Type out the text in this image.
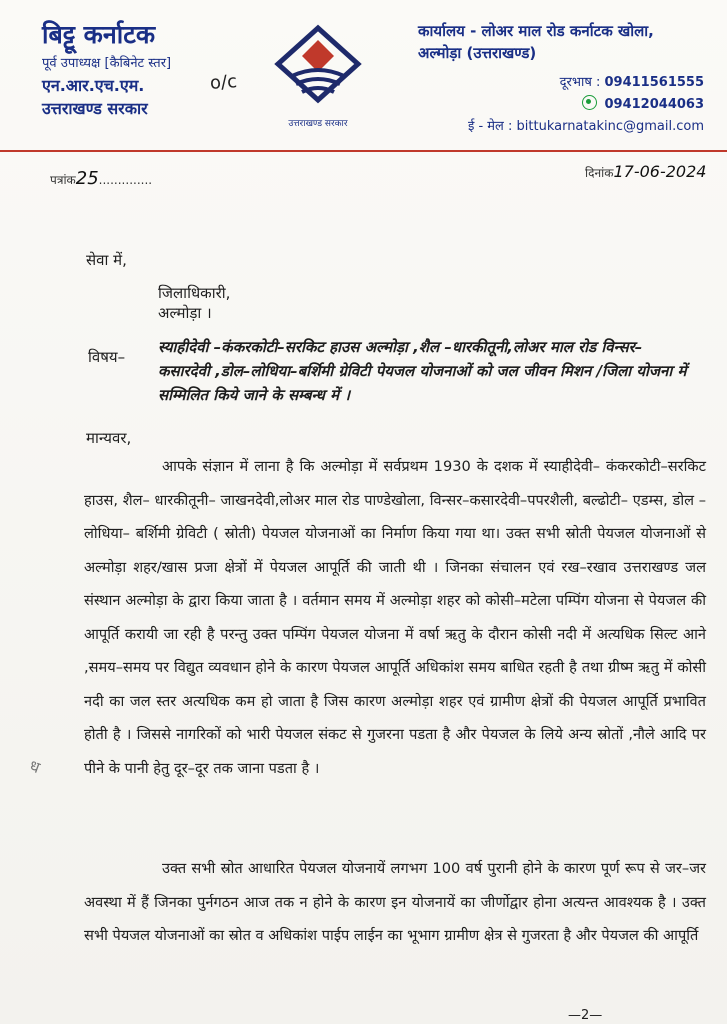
बिट्टू कर्नाटक
पूर्व उपाध्यक्ष [कैबिनेट स्तर]
एन.आर.एच.एम.
उत्तराखण्ड सरकार
o/c
उत्तराखण्ड सरकार
कार्यालय - लोअर माल रोड कर्नाटक खोला,
अल्मोड़ा (उत्तराखण्ड)
दूरभाष : 09411561555
09412044063
ई - मेल : bittukarnatakinc@gmail.com
पत्रांक25..............	दिनांक17-06-2024
सेवा में,
जिलाधिकारी,
अल्मोड़ा ।
विषय–
स्याहीदेवी –कंकरकोटी–सरकिट हाउस अल्मोड़ा ,शैल –धारकीतूनी,लोअर माल रोड विन्सर– कसारदेवी ,डोल–लोधिया–बर्शिमी ग्रेविटी पेयजल योजनाओं को जल जीवन मिशन /जिला योजना में सम्मिलित किये जाने के सम्बन्ध में ।
मान्यवर,
आपके संज्ञान में लाना है कि अल्मोड़ा में सर्वप्रथम 1930 के दशक में स्याहीदेवी– कंकरकोटी–सरकिट हाउस, शैल– धारकीतूनी– जाखनदेवी,लोअर माल रोड पाण्डेखोला, विन्सर–कसारदेवी–पपरशैली, बल्ढोटी– एडम्स, डोल –लोधिया– बर्शिमी ग्रेविटी ( स्रोती) पेयजल योजनाओं का निर्माण किया गया था। उक्त सभी स्रोती पेयजल योजनाओं से अल्मोड़ा शहर/खास प्रजा क्षेत्रों में पेयजल आपूर्ति की जाती थी । जिनका संचालन एवं रख–रखाव उत्तराखण्ड जल संस्थान अल्मोड़ा के द्वारा किया जाता है । वर्तमान समय में अल्मोड़ा शहर को कोसी–मटेला पम्पिंग योजना से पेयजल की आपूर्ति करायी जा रही है परन्तु उक्त पम्पिंग पेयजल योजना में वर्षा ऋतु के दौरान कोसी नदी में अत्यधिक सिल्ट आने ,समय–समय पर विद्युत व्यवधान होने के कारण पेयजल आपूर्ति अधिकांश समय बाधित रहती है तथा ग्रीष्म ऋतु में कोसी नदी का जल स्तर अत्यधिक कम हो जाता है जिस कारण अल्मोड़ा शहर एवं ग्रामीण क्षेत्रों की पेयजल आपूर्ति प्रभावित होती है । जिससे नागरिकों को भारी पेयजल संकट से गुजरना पडता है और पेयजल के लिये अन्य स्रोतों ,नौले आदि पर पीने के पानी हेतु दूर–दूर तक जाना पडता है ।
उक्त सभी स्रोत आधारित पेयजल योजनायें लगभग 100 वर्ष पुरानी होने के कारण पूर्ण रूप से जर–जर अवस्था में हैं जिनका पुर्नगठन आज तक न होने के कारण इन योजनायें का जीर्णोद्वार होना अत्यन्त आवश्यक है । उक्त सभी पेयजल योजनाओं का स्रोत व अधिकांश पाईप लाईन का भूभाग ग्रामीण क्षेत्र से गुजरता है और पेयजल की आपूर्ति
ध
—2—
